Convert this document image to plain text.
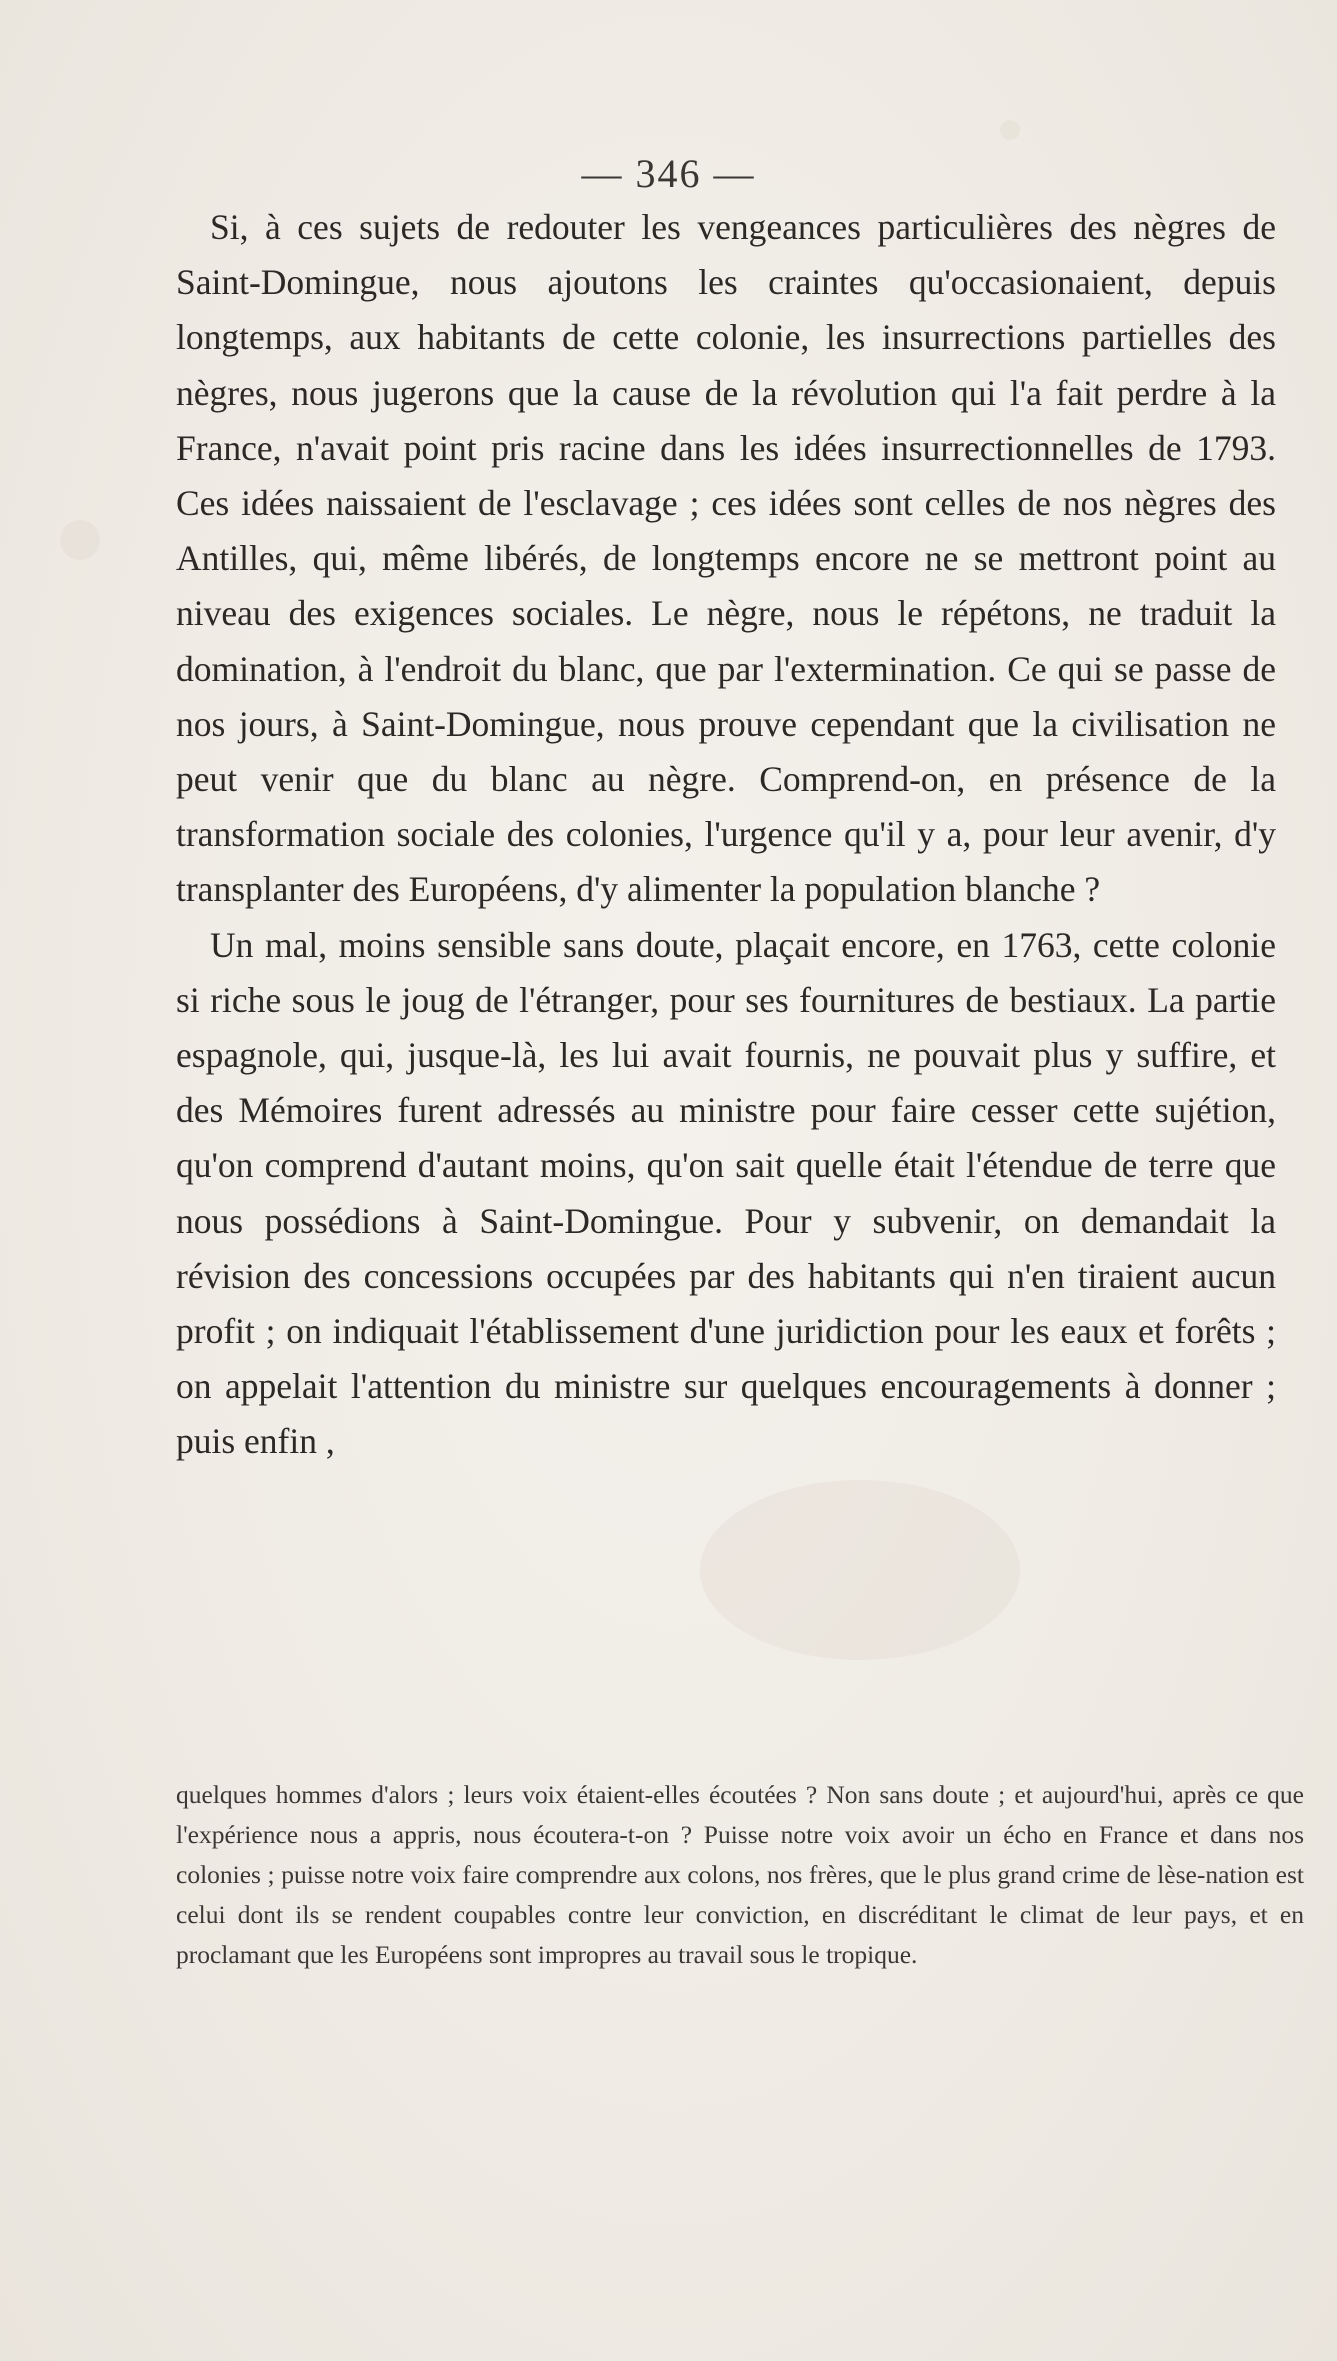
— 346 —

Si, à ces sujets de redouter les vengeances particulières des nègres de Saint-Domingue, nous ajoutons les craintes qu'occasionaient, depuis longtemps, aux habitants de cette colonie, les insurrections partielles des nègres, nous jugerons que la cause de la révolution qui l'a fait perdre à la France, n'avait point pris racine dans les idées insurrectionnelles de 1793. Ces idées naissaient de l'esclavage ; ces idées sont celles de nos nègres des Antilles, qui, même libérés, de longtemps encore ne se mettront point au niveau des exigences sociales. Le nègre, nous le répétons, ne traduit la domination, à l'endroit du blanc, que par l'extermination. Ce qui se passe de nos jours, à Saint-Domingue, nous prouve cependant que la civilisation ne peut venir que du blanc au nègre. Comprend-on, en présence de la transformation sociale des colonies, l'urgence qu'il y a, pour leur avenir, d'y transplanter des Européens, d'y alimenter la population blanche ?

Un mal, moins sensible sans doute, plaçait encore, en 1763, cette colonie si riche sous le joug de l'étranger, pour ses fournitures de bestiaux. La partie espagnole, qui, jusque-là, les lui avait fournis, ne pouvait plus y suffire, et des Mémoires furent adressés au ministre pour faire cesser cette sujétion, qu'on comprend d'autant moins, qu'on sait quelle était l'étendue de terre que nous possédions à Saint-Domingue. Pour y subvenir, on demandait la révision des concessions occupées par des habitants qui n'en tiraient aucun profit ; on indiquait l'établissement d'une juridiction pour les eaux et forêts ; on appelait l'attention du ministre sur quelques encouragements à donner ; puis enfin ,

quelques hommes d'alors ; leurs voix étaient-elles écoutées ? Non sans doute ; et aujourd'hui, après ce que l'expérience nous a appris, nous écoutera-t-on ? Puisse notre voix avoir un écho en France et dans nos colonies ; puisse notre voix faire comprendre aux colons, nos frères, que le plus grand crime de lèse-nation est celui dont ils se rendent coupables contre leur conviction, en discréditant le climat de leur pays, et en proclamant que les Européens sont impropres au travail sous le tropique.
